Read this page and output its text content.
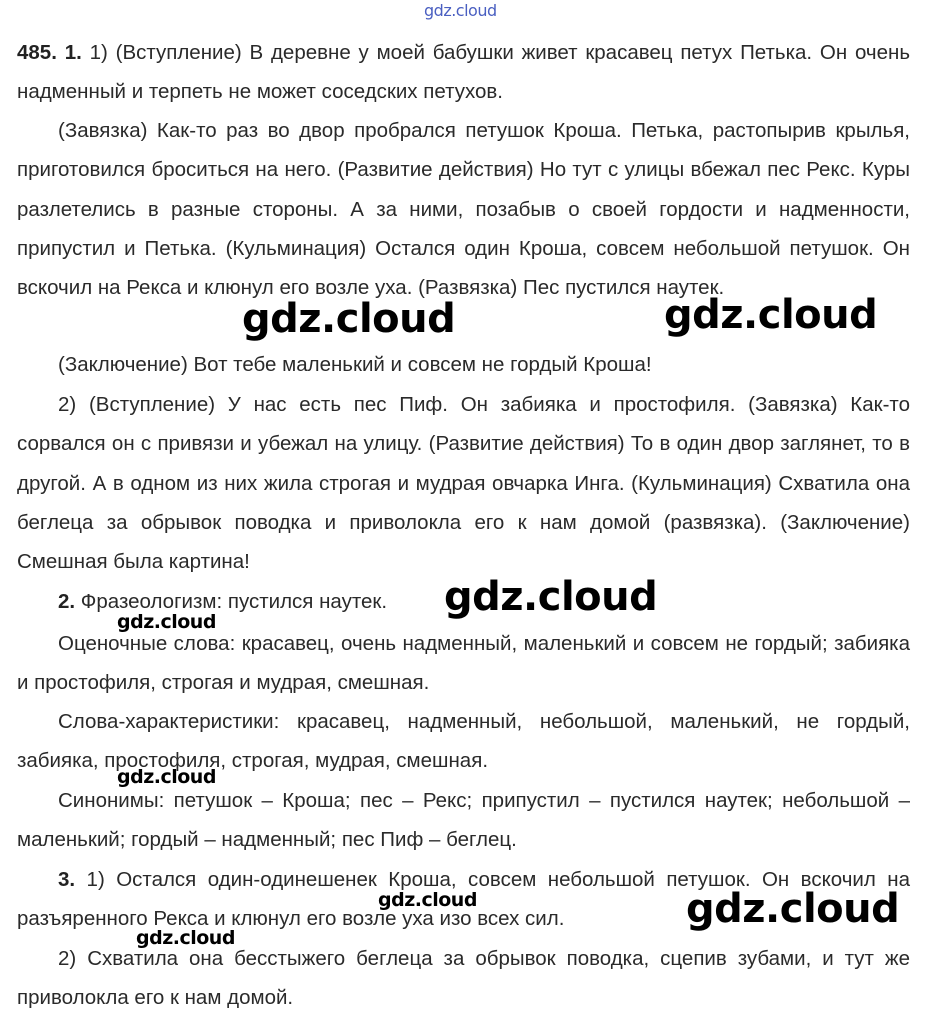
gdz.cloud

485. 1. 1) (Вступление) В деревне у моей бабушки живет красавец петух Петька. Он очень надменный и терпеть не может соседских петухов.

(Завязка) Как-то раз во двор пробрался петушок Кроша. Петька, растопырив крылья, приготовился броситься на него. (Развитие действия) Но тут с улицы вбежал пес Рекс. Куры разлетелись в разные стороны. А за ними, позабыв о своей гордости и надменности, припустил и Петька. (Кульминация) Остался один Кроша, совсем небольшой петушок. Он вскочил на Рекса и клюнул его возле уха. (Развязка) Пес пустился наутек.

(Заключение) Вот тебе маленький и совсем не гордый Кроша!

2) (Вступление) У нас есть пес Пиф. Он забияка и простофиля. (Завязка) Как-то сорвался он с привязи и убежал на улицу. (Развитие действия) То в один двор заглянет, то в другой. А в одном из них жила строгая и мудрая овчарка Инга. (Кульминация) Схватила она беглеца за обрывок поводка и приволокла его к нам домой (развязка). (Заключение) Смешная была картина!

2. Фразеологизм: пустился наутек.

Оценочные слова: красавец, очень надменный, маленький и совсем не гордый; забияка и простофиля, строгая и мудрая, смешная.

Слова-характеристики: красавец, надменный, небольшой, маленький, не гордый, забияка, простофиля, строгая, мудрая, смешная.

Синонимы: петушок – Кроша; пес – Рекс; припустил – пустился наутек; небольшой – маленький; гордый – надменный; пес Пиф – беглец.

3. 1) Остался один-одинешенек Кроша, совсем небольшой петушок. Он вскочил на разъяренного Рекса и клюнул его возле уха изо всех сил.

2) Схватила она бесстыжего беглеца за обрывок поводка, сцепив зубами, и тут же приволокла его к нам домой.

gdz.cloud	gdz.cloud
gdz.cloud
gdz.cloud
gdz.cloud
gdz.cloud	gdz.cloud
gdz.cloud
